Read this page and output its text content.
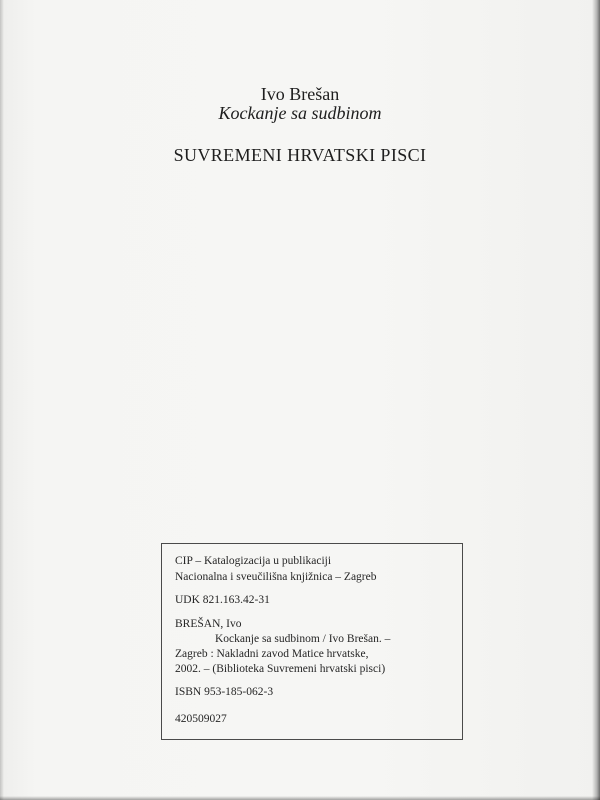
Ivo Brešan
Kockanje sa sudbinom
SUVREMENI HRVATSKI PISCI
CIP – Katalogizacija u publikaciji
Nacionalna i sveučilišna knjižnica – Zagreb
UDK 821.163.42-31
BREŠAN, Ivo
Kockanje sa sudbinom / Ivo Brešan. –
Zagreb : Nakladni zavod Matice hrvatske,
2002. – (Biblioteka Suvremeni hrvatski pisci)
ISBN 953-185-062-3
420509027
